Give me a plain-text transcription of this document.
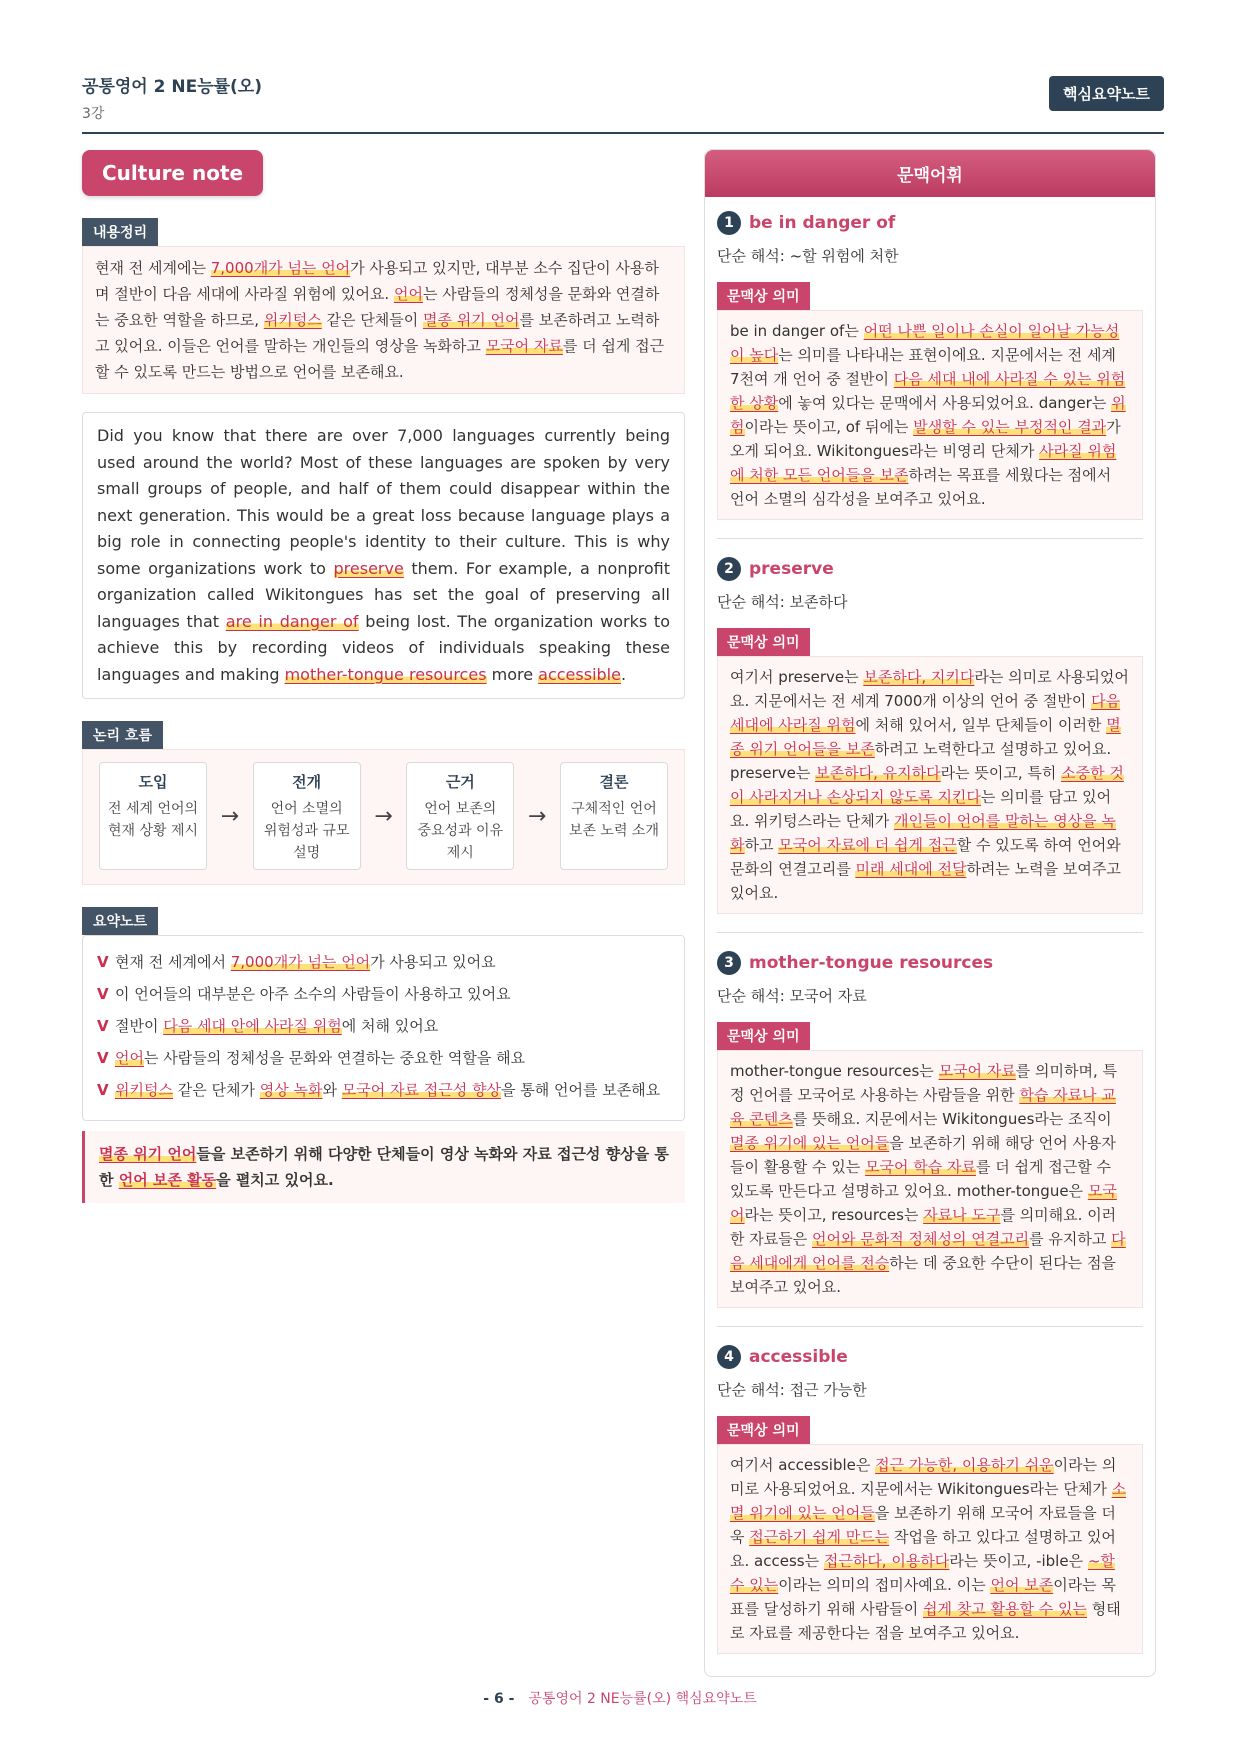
공통영어 2 NE능률(오)
3강
핵심요약노트
Culture note
내용정리
현재 전 세계에는 7,000개가 넘는 언어가 사용되고 있지만, 대부분 소수 집단이 사용하며 절반이 다음 세대에 사라질 위험에 있어요. 언어는 사람들의 정체성을 문화와 연결하는 중요한 역할을 하므로, 위키텅스 같은 단체들이 멸종 위기 언어를 보존하려고 노력하고 있어요. 이들은 언어를 말하는 개인들의 영상을 녹화하고 모국어 자료를 더 쉽게 접근할 수 있도록 만드는 방법으로 언어를 보존해요.
Did you know that there are over 7,000 languages currently being used around the world? Most of these languages are spoken by very small groups of people, and half of them could disappear within the next generation. This would be a great loss because language plays a big role in connecting people's identity to their culture. This is why some organizations work to preserve them. For example, a nonprofit organization called Wikitongues has set the goal of preserving all languages that are in danger of being lost. The organization works to achieve this by recording videos of individuals speaking these languages and making mother-tongue resources more accessible.
논리 흐름
도입
전 세계 언어의
현재 상황 제시
→
전개
언어 소멸의
위험성과 규모
설명
→
근거
언어 보존의
중요성과 이유
제시
→
결론
구체적인 언어
보존 노력 소개
요약노트
V 현재 전 세계에서 7,000개가 넘는 언어가 사용되고 있어요
V 이 언어들의 대부분은 아주 소수의 사람들이 사용하고 있어요
V 절반이 다음 세대 안에 사라질 위험에 처해 있어요
V 언어는 사람들의 정체성을 문화와 연결하는 중요한 역할을 해요
V 위키텅스 같은 단체가 영상 녹화와 모국어 자료 접근성 향상을 통해 언어를 보존해요
멸종 위기 언어들을 보존하기 위해 다양한 단체들이 영상 녹화와 자료 접근성 향상을 통한 언어 보존 활동을 펼치고 있어요.
문맥어휘
1 be in danger of
단순 해석: ~할 위험에 처한
문맥상 의미
be in danger of는 어떤 나쁜 일이나 손실이 일어날 가능성이 높다는 의미를 나타내는 표현이에요. 지문에서는 전 세계 7천여 개 언어 중 절반이 다음 세대 내에 사라질 수 있는 위험한 상황에 놓여 있다는 문맥에서 사용되었어요. danger는 위험이라는 뜻이고, of 뒤에는 발생할 수 있는 부정적인 결과가 오게 되어요. Wikitongues라는 비영리 단체가 사라질 위험에 처한 모든 언어들을 보존하려는 목표를 세웠다는 점에서 언어 소멸의 심각성을 보여주고 있어요.
2 preserve
단순 해석: 보존하다
문맥상 의미
여기서 preserve는 보존하다, 지키다라는 의미로 사용되었어요. 지문에서는 전 세계 7000개 이상의 언어 중 절반이 다음 세대에 사라질 위험에 처해 있어서, 일부 단체들이 이러한 멸종 위기 언어들을 보존하려고 노력한다고 설명하고 있어요. preserve는 보존하다, 유지하다라는 뜻이고, 특히 소중한 것이 사라지거나 손상되지 않도록 지킨다는 의미를 담고 있어요. 위키텅스라는 단체가 개인들이 언어를 말하는 영상을 녹화하고 모국어 자료에 더 쉽게 접근할 수 있도록 하여 언어와 문화의 연결고리를 미래 세대에 전달하려는 노력을 보여주고 있어요.
3 mother-tongue resources
단순 해석: 모국어 자료
문맥상 의미
mother-tongue resources는 모국어 자료를 의미하며, 특정 언어를 모국어로 사용하는 사람들을 위한 학습 자료나 교육 콘텐츠를 뜻해요. 지문에서는 Wikitongues라는 조직이 멸종 위기에 있는 언어들을 보존하기 위해 해당 언어 사용자들이 활용할 수 있는 모국어 학습 자료를 더 쉽게 접근할 수 있도록 만든다고 설명하고 있어요. mother-tongue은 모국어라는 뜻이고, resources는 자료나 도구를 의미해요. 이러한 자료들은 언어와 문화적 정체성의 연결고리를 유지하고 다음 세대에게 언어를 전승하는 데 중요한 수단이 된다는 점을 보여주고 있어요.
4 accessible
단순 해석: 접근 가능한
문맥상 의미
여기서 accessible은 접근 가능한, 이용하기 쉬운이라는 의미로 사용되었어요. 지문에서는 Wikitongues라는 단체가 소멸 위기에 있는 언어들을 보존하기 위해 모국어 자료들을 더욱 접근하기 쉽게 만드는 작업을 하고 있다고 설명하고 있어요. access는 접근하다, 이용하다라는 뜻이고, -ible은 ~할 수 있는이라는 의미의 접미사예요. 이는 언어 보존이라는 목표를 달성하기 위해 사람들이 쉽게 찾고 활용할 수 있는 형태로 자료를 제공한다는 점을 보여주고 있어요.
- 6 - 공통영어 2 NE능률(오) 핵심요약노트
